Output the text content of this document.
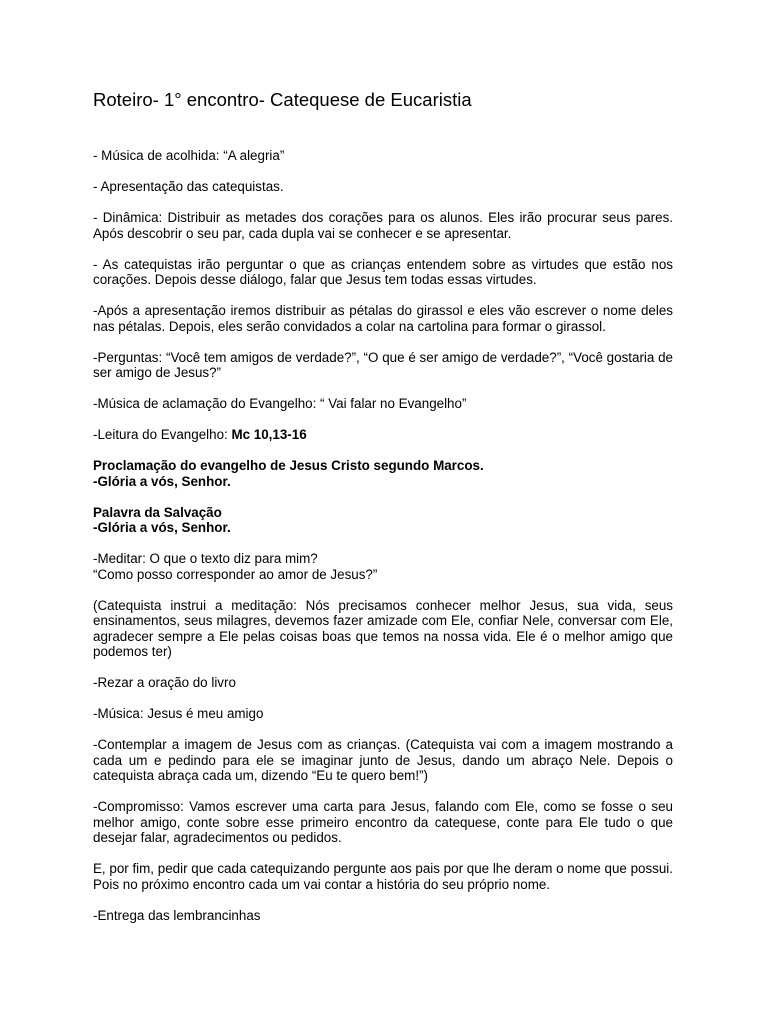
Roteiro- 1° encontro- Catequese de Eucaristia

- Música de acolhida: “A alegria”

- Apresentação das catequistas.

- Dinâmica: Distribuir as metades dos corações para os alunos. Eles irão procurar seus pares. Após descobrir o seu par, cada dupla vai se conhecer e se apresentar.

- As catequistas irão perguntar o que as crianças entendem sobre as virtudes que estão nos corações. Depois desse diálogo, falar que Jesus tem todas essas virtudes.

-Após a apresentação iremos distribuir as pétalas do girassol e eles vão escrever o nome deles nas pétalas. Depois, eles serão convidados a colar na cartolina para formar o girassol.

-Perguntas: “Você tem amigos de verdade?”, “O que é ser amigo de verdade?”, “Você gostaria de ser amigo de Jesus?”

-Música de aclamação do Evangelho: “ Vai falar no Evangelho”

-Leitura do Evangelho: Mc 10,13-16

Proclamação do evangelho de Jesus Cristo segundo Marcos.
-Glória a vós, Senhor.

Palavra da Salvação
-Glória a vós, Senhor.

-Meditar: O que o texto diz para mim?
“Como posso corresponder ao amor de Jesus?”

(Catequista instrui a meditação: Nós precisamos conhecer melhor Jesus, sua vida, seus ensinamentos, seus milagres, devemos fazer amizade com Ele, confiar Nele, conversar com Ele, agradecer sempre a Ele pelas coisas boas que temos na nossa vida. Ele é o melhor amigo que podemos ter)

-Rezar a oração do livro

-Música: Jesus é meu amigo

-Contemplar a imagem de Jesus com as crianças. (Catequista vai com a imagem mostrando a cada um e pedindo para ele se imaginar junto de Jesus, dando um abraço Nele. Depois o catequista abraça cada um, dizendo “Eu te quero bem!”)

-Compromisso: Vamos escrever uma carta para Jesus, falando com Ele, como se fosse o seu melhor amigo, conte sobre esse primeiro encontro da catequese, conte para Ele tudo o que desejar falar, agradecimentos ou pedidos.

E, por fim, pedir que cada catequizando pergunte aos pais por que lhe deram o nome que possui. Pois no próximo encontro cada um vai contar a história do seu próprio nome.

-Entrega das lembrancinhas
